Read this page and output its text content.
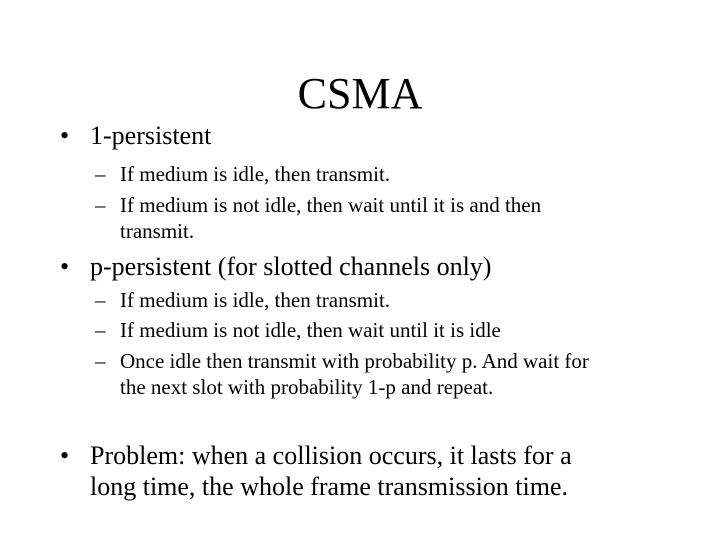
CSMA
• 1-persistent
– If medium is idle, then transmit.
– If medium is not idle, then wait until it is and then
transmit.
• p-persistent (for slotted channels only)
– If medium is idle, then transmit.
– If medium is not idle, then wait until it is idle
– Once idle then transmit with probability p. And wait for
the next slot with probability 1-p and repeat.
• Problem: when a collision occurs, it lasts for a
long time, the whole frame transmission time.
